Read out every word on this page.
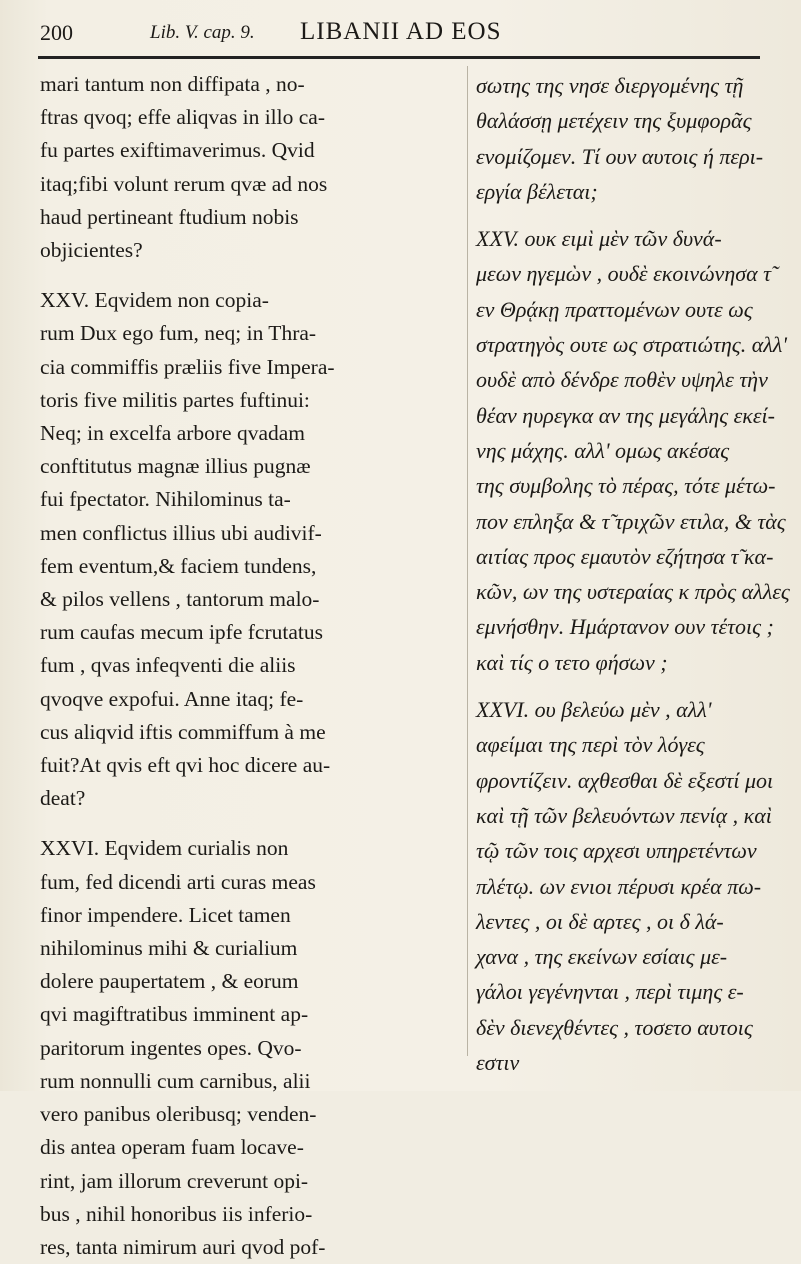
200	Lib. V. cap. 9. LIBANII AD EOS
mari tantum non diffipata , no-
ftras qvoq; effe aliqvas in illo ca-
fu partes exiftimaverimus. Qvid
itaq;fibi volunt rerum qvæ ad nos
haud pertineant ftudium nobis
objicientes?
XXV. Eqvidem non copia-
rum Dux ego fum, neq; in Thra-
cia commiffis præliis five Impera-
toris five militis partes fuftinui:
Neq; in excelfa arbore qvadam
conftitutus magnæ illius pugnæ
fui fpectator. Nihilominus ta-
men conflictus illius ubi audivif-
fem eventum,& faciem tundens,
& pilos vellens , tantorum malo-
rum caufas mecum ipfe fcrutatus
fum , qvas infeqventi die aliis
qvoqve expofui. Anne itaq; fe-
cus aliqvid iftis commiffum à me
fuit?At qvis eft qvi hoc dicere au-
deat?
XXVI. Eqvidem curialis non
fum, fed dicendi arti curas meas
finor impendere. Licet tamen
nihilominus mihi & curialium
dolere paupertatem , & eorum
qvi magiftratibus imminent ap-
paritorum ingentes opes. Qvo-
rum nonnulli cum carnibus, alii
vero panibus oleribusq; venden-
dis antea operam fuam locave-
rint, jam illorum creverunt opi-
bus , nihil honoribus iis inferio-
res, tanta nimirum auri qvod pof-
σωτης της νησε διεργομένης τῇ
θαλάσσῃ μετέχειν της ξυμφορᾶς
ενομίζομεν. Τί ουν αυτοις ή περι-
εργία βέλεται;
XXV. ουκ ειμὶ μὲν τῶν δυνά-
μεων ηγεμὼν , ουδὲ εκοινώνησα τ̃
εν Θρᾴκῃ πραττομένων ουτε ως
στρατηγὸς ουτε ως στρατιώτης. αλλ'
ουδὲ απὸ δένδρε ποθὲν υψηλε τὴν
θέαν ηυρεγκα αν της μεγάλης εκεί-
νης μάχης. αλλ' ομως ακέσας
της συμβολης τὸ πέρας, τότε μέτω-
πον επληξα & τ̃ τριχῶν ετιλα, & τὰς
αιτίας προς εμαυτὸν εζήτησα τ̃ κα-
κῶν, ων της υστεραίας κ πρὸς αλλες
εμνήσθην. Ημάρτανον ουν τέτοις ;
καὶ τίς ο τετο φήσων ;
XXVI. ου βελεύω μὲν , αλλ'
αφείμαι της περὶ τὸν λόγες
φροντίζειν. αχθεσθαι δὲ εξεστί μοι
καὶ τῇ τῶν βελευόντων πενίᾳ , καὶ
τῷ τῶν τοις αρχεσι υπηρετέντων
πλέτῳ. ων ενιοι πέρυσι κρέα πω-
λεντες , οι δὲ αρτες , οι δ λά-
χανα , της εκείνων εσίαις με-
γάλοι γεγένηνται , περὶ τιμης ε-
δὲν διενεχθέντες , τοσετο αυτοις
εστιν
